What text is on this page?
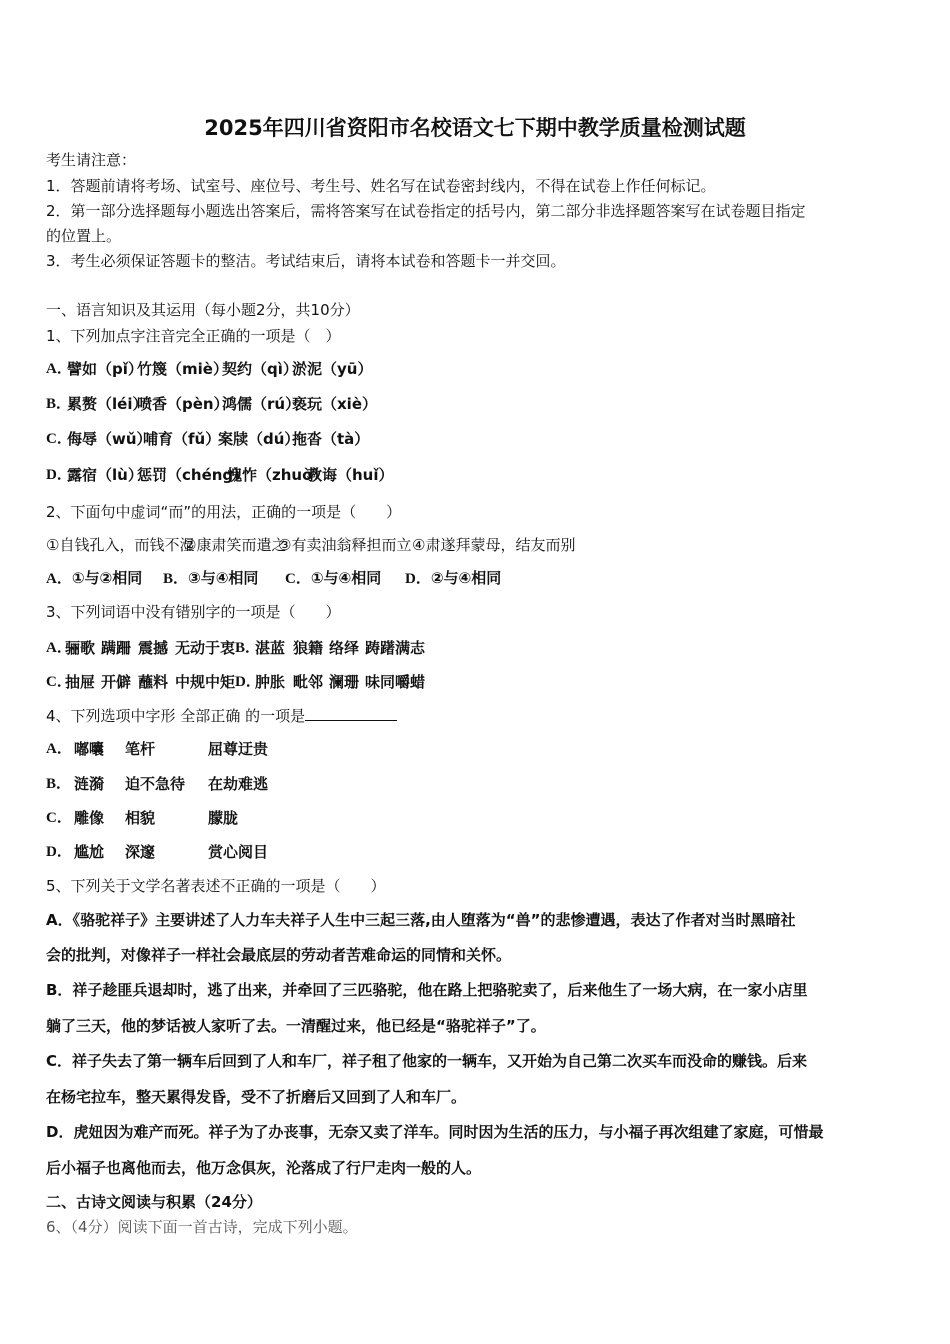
2025年四川省资阳市名校语文七下期中教学质量检测试题
考生请注意：
1．答题前请将考场、试室号、座位号、考生号、姓名写在试卷密封线内，不得在试卷上作任何标记。
2．第一部分选择题每小题选出答案后，需将答案写在试卷指定的括号内，第二部分非选择题答案写在试卷题目指定
的位置上。
3．考生必须保证答题卡的整洁。考试结束后，请将本试卷和答题卡一并交回。
一、语言知识及其运用（每小题2分，共10分）
1、下列加点字注音完全正确的一项是（　）
A．
譬如（pǐ）
竹篾（miè）
契约（qì）
淤泥（yū）
B．
累赘（léi）
喷香（pèn）
鸿儒（rú）
亵玩（xiè）
C．
侮辱（wǔ）
哺育（fǔ）
案牍（dú）
拖沓（tà）
D．
露宿（lù）
惩罚（chéng）
愧怍（zhuò）
教诲（huǐ）
2、下面句中虚词“而”的用法，正确的一项是（　　）
①自钱孔入，而钱不湿
②康肃笑而遣之
③有卖油翁释担而立 ④肃遂拜蒙母，结友而别
A．①与②相同 B．③与④相同 C．①与④相同 D．②与④相同
3、下列词语中没有错别字的一项是（　　）
A．
骊歌 蹒跚 震撼 无动于衷 B．
湛蓝 狼籍 络绎 踌躇满志
C．
抽屉 开僻 蘸料 中规中矩 D．
肿胀 毗邻 澜珊 味同嚼蜡
4、下列选项中字形 全部正确 的一项是
A． 嘟囔 笔杆	屈尊迂贵
B． 涟漪 迫不急待 在劫难逃
C． 雕像 相貌	朦胧
D． 尴尬 深邃	赏心阅目
5、下列关于文学名著表述不正确的一项是（　　）
A．《骆驼祥子》主要讲述了人力车夫祥子人生中三起三落,由人堕落为“兽”的悲惨遭遇，表达了作者对当时黑暗社
会的批判，对像祥子一样社会最底层的劳动者苦难命运的同情和关怀。
B．祥子趁匪兵退却时，逃了出来，并牵回了三匹骆驼，他在路上把骆驼卖了，后来他生了一场大病，在一家小店里
躺了三天，他的梦话被人家听了去。一清醒过来，他已经是“骆驼祥子”了。
C．祥子失去了第一辆车后回到了人和车厂，祥子租了他家的一辆车，又开始为自己第二次买车而没命的赚钱。后来
在杨宅拉车，整天累得发昏，受不了折磨后又回到了人和车厂。
D．虎妞因为难产而死。祥子为了办丧事，无奈又卖了洋车。同时因为生活的压力，与小福子再次组建了家庭，可惜最
后小福子也离他而去，他万念俱灰，沦落成了行尸走肉一般的人。
二、古诗文阅读与积累（24分）
6、（4分）阅读下面一首古诗，完成下列小题。
